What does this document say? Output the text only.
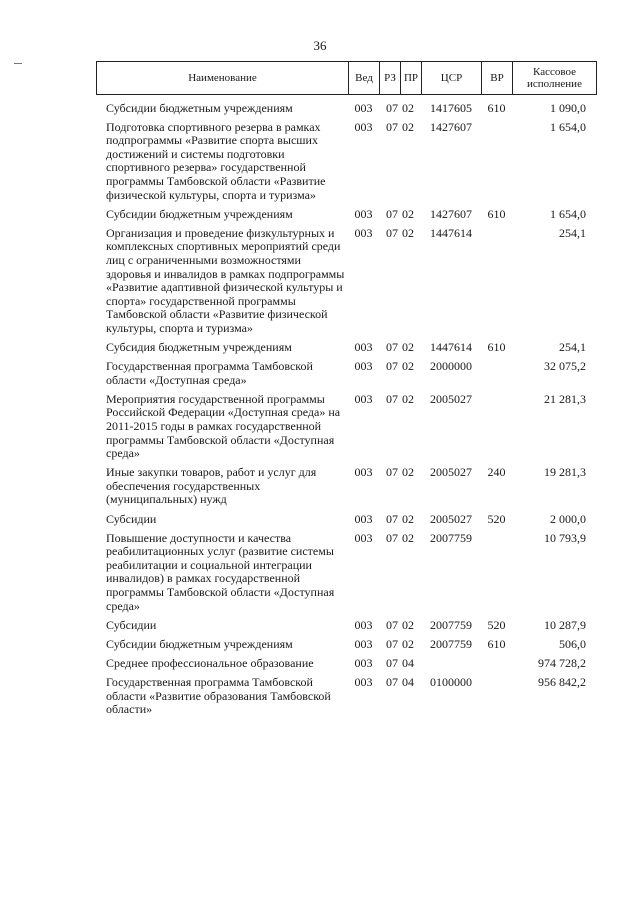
36
Наименование	Вед	РЗ	ПР	ЦСР	ВР	Кассовое исполнение
Субсидии бюджетным учреждениям	003	07	02	1417605	610	1 090,0
Подготовка спортивного резерва в рамках подпрограммы «Развитие спорта высших достижений и системы подготовки спортивного резерва» государственной программы Тамбовской области «Развитие физической культуры, спорта и туризма»	003	07	02	1427607		1 654,0
Субсидии бюджетным учреждениям	003	07	02	1427607	610	1 654,0
Организация и проведение физкультурных и комплексных спортивных мероприятий среди лиц с ограниченными возможностями здоровья и инвалидов в рамках подпрограммы «Развитие адаптивной физической культуры и спорта» государственной программы Тамбовской области «Развитие физической культуры, спорта и туризма»	003	07	02	1447614		254,1
Субсидия бюджетным учреждениям	003	07	02	1447614	610	254,1
Государственная программа Тамбовской области «Доступная среда»	003	07	02	2000000		32 075,2
Мероприятия государственной программы Российской Федерации «Доступная среда» на 2011-2015 годы в рамках государственной программы Тамбовской области «Доступная среда»	003	07	02	2005027		21 281,3
Иные закупки товаров, работ и услуг для обеспечения государственных (муниципальных) нужд	003	07	02	2005027	240	19 281,3
Субсидии	003	07	02	2005027	520	2 000,0
Повышение доступности и качества реабилитационных услуг (развитие системы реабилитации и социальной интеграции инвалидов) в рамках государственной программы Тамбовской области «Доступная среда»	003	07	02	2007759		10 793,9
Субсидии	003	07	02	2007759	520	10 287,9
Субсидии бюджетным учреждениям	003	07	02	2007759	610	506,0
Среднее профессиональное образование	003	07	04			974 728,2
Государственная программа Тамбовской области «Развитие образования Тамбовской области»	003	07	04	0100000		956 842,2
